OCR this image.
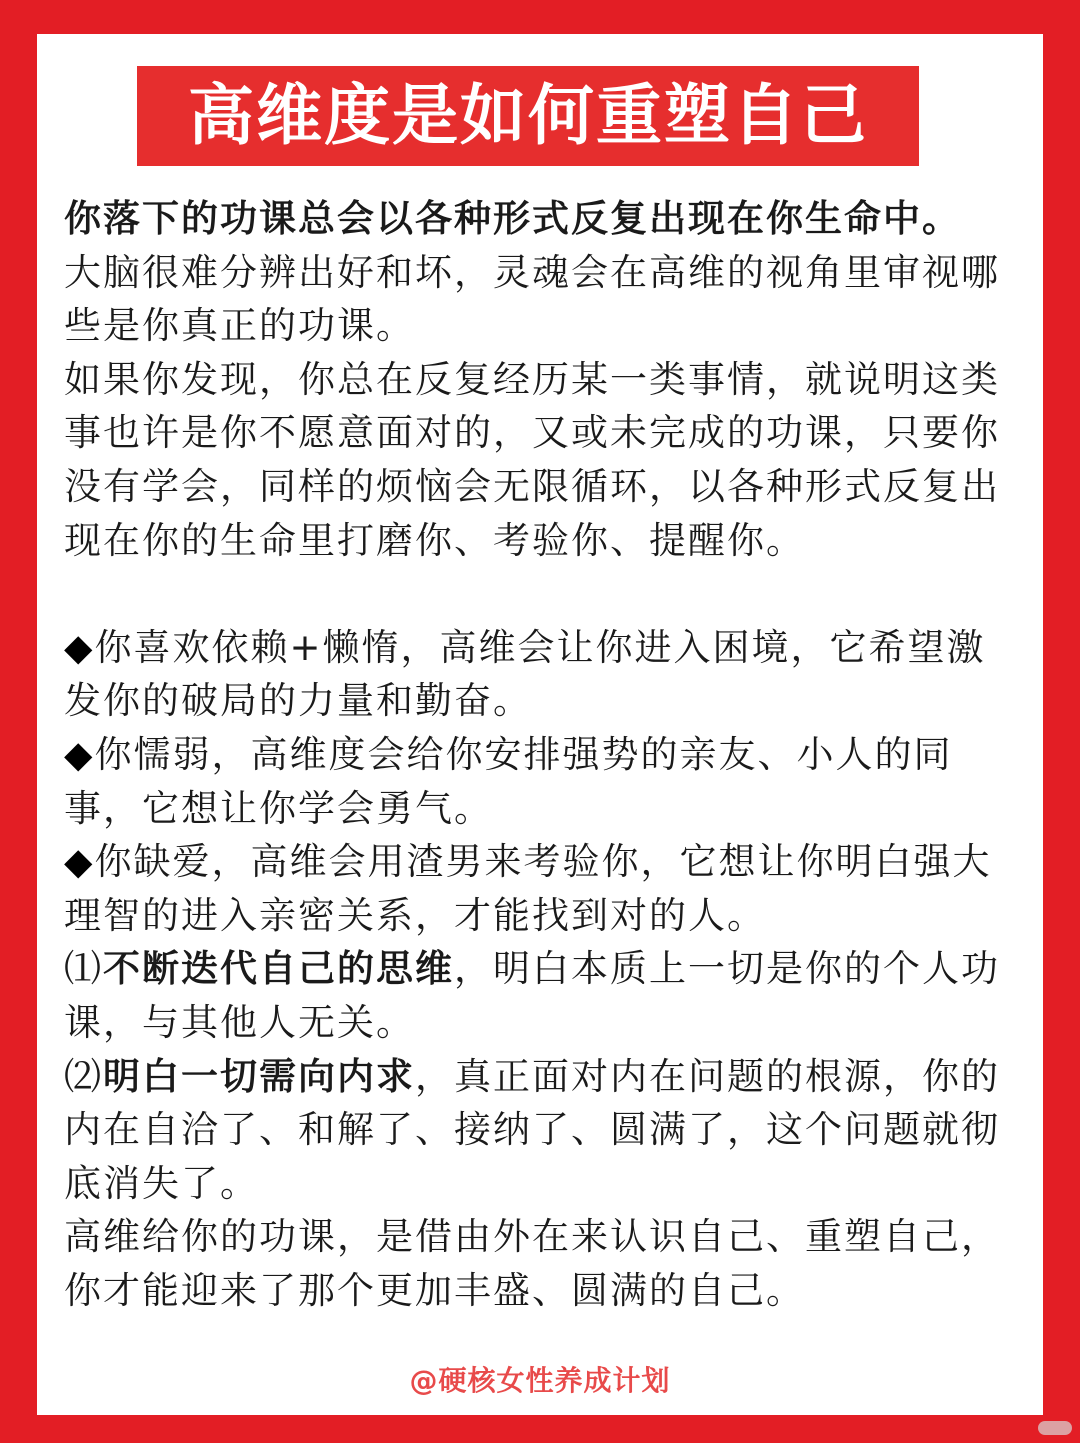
高维度是如何重塑自己

你落下的功课总会以各种形式反复出现在你生命中。

大脑很难分辨出好和坏，灵魂会在高维的视角里审视哪些是你真正的功课。

如果你发现，你总在反复经历某一类事情，就说明这类事也许是你不愿意面对的，又或未完成的功课，只要你没有学会，同样的烦恼会无限循环，以各种形式反复出现在你的生命里打磨你、考验你、提醒你。

◆你喜欢依赖+懒惰，高维会让你进入困境，它希望激发你的破局的力量和勤奋。

◆你懦弱，高维度会给你安排强势的亲友、小人的同事，它想让你学会勇气。

◆你缺爱，高维会用渣男来考验你，它想让你明白强大理智的进入亲密关系，才能找到对的人。

⑴不断迭代自己的思维，明白本质上一切是你的个人功课，与其他人无关。

⑵明白一切需向内求，真正面对内在问题的根源，你的内在自洽了、和解了、接纳了、圆满了，这个问题就彻底消失了。

高维给你的功课，是借由外在来认识自己、重塑自己，你才能迎来了那个更加丰盛、圆满的自己。

@硬核女性养成计划
